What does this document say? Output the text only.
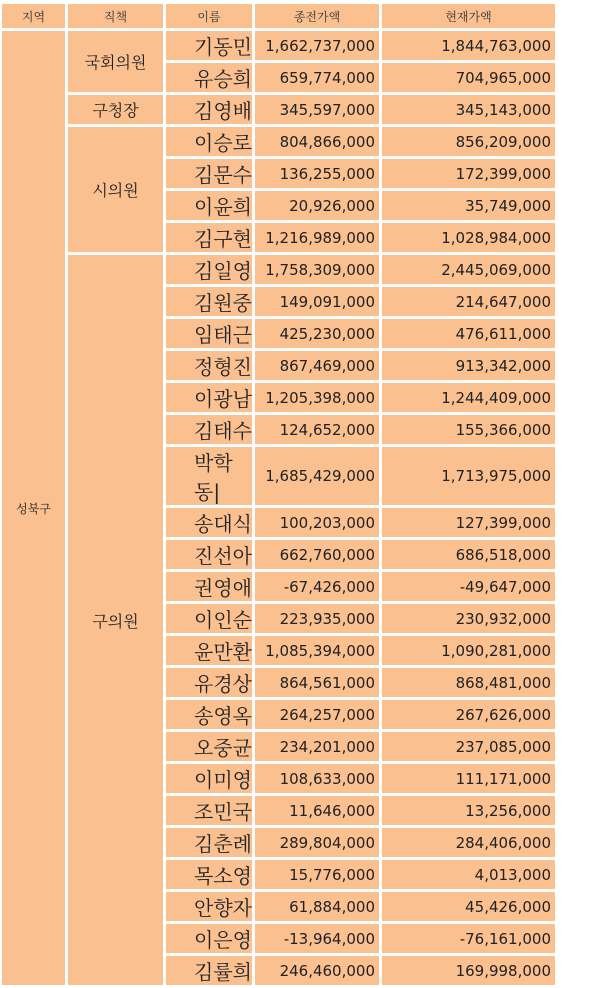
지역	직책	이름	종전가액	현재가액
성북구	국회의원	기동민	1,662,737,000	1,844,763,000
		유승희	659,774,000	704,965,000
	구청장	김영배	345,597,000	345,143,000
	시의원	이승로	804,866,000	856,209,000
		김문수	136,255,000	172,399,000
		이윤희	20,926,000	35,749,000
		김구현	1,216,989,000	1,028,984,000
	구의원	김일영	1,758,309,000	2,445,069,000
		김원중	149,091,000	214,647,000
		임태근	425,230,000	476,611,000
		정형진	867,469,000	913,342,000
		이광남	1,205,398,000	1,244,409,000
		김태수	124,652,000	155,366,000
		박학동|	1,685,429,000	1,713,975,000
		송대식	100,203,000	127,399,000
		진선아	662,760,000	686,518,000
		권영애	-67,426,000	-49,647,000
		이인순	223,935,000	230,932,000
		윤만환	1,085,394,000	1,090,281,000
		유경상	864,561,000	868,481,000
		송영옥	264,257,000	267,626,000
		오중균	234,201,000	237,085,000
		이미영	108,633,000	111,171,000
		조민국	11,646,000	13,256,000
		김춘례	289,804,000	284,406,000
		목소영	15,776,000	4,013,000
		안향자	61,884,000	45,426,000
		이은영	-13,964,000	-76,161,000
		김률희	246,460,000	169,998,000
